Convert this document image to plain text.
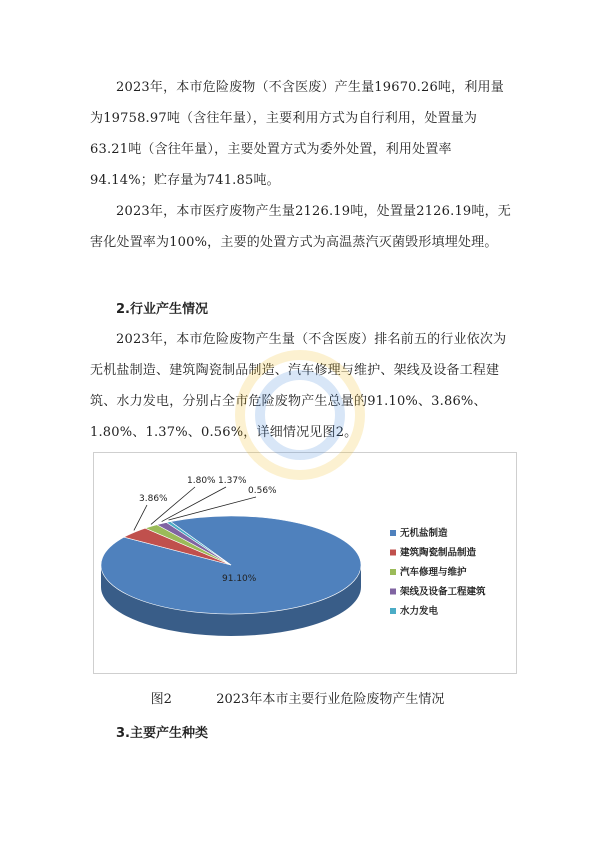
2023年，本市危险废物（不含医废）产生量19670.26吨，利用量为19758.97吨（含往年量），主要利用方式为自行利用，处置量为63.21吨（含往年量），主要处置方式为委外处置，利用处置率94.14%；贮存量为741.85吨。

2023年，本市医疗废物产生量2126.19吨，处置量2126.19吨，无害化处置率为100%，主要的处置方式为高温蒸汽灭菌毁形填埋处理。

2.行业产生情况

2023年，本市危险废物产生量（不含医废）排名前五的行业依次为无机盐制造、建筑陶瓷制品制造、汽车修理与维护、架线及设备工程建筑、水力发电，分别占全市危险废物产生总量的91.10%、3.86%、1.80%、1.37%、0.56%，详细情况见图2。

91.10%
3.86%
1.80% 1.37%
0.56%
无机盐制造
建筑陶瓷制品制造
汽车修理与维护
架线及设备工程建筑
水力发电
图2	2023年本市主要行业危险废物产生情况

3.主要产生种类
